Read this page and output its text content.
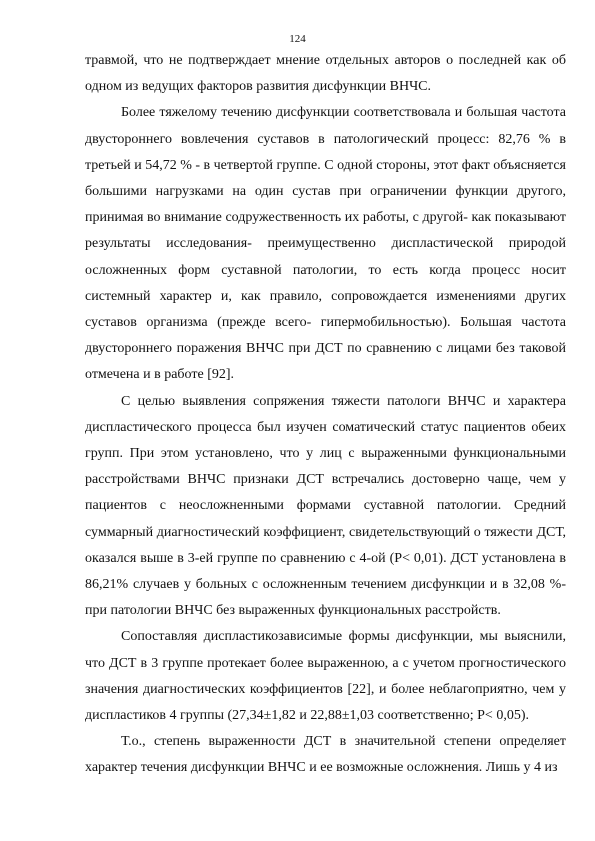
124

травмой, что не подтверждает мнение отдельных авторов о последней как об одном из ведущих факторов развития дисфункции ВНЧС.

Более тяжелому течению дисфункции соответствовала и большая частота двустороннего вовлечения суставов в патологический процесс: 82,76 % в третьей и 54,72 % - в четвертой группе. С одной стороны, этот факт объясняется большими нагрузками на один сустав при ограничении функции другого, принимая во внимание содружественность их работы, с другой- как показывают результаты исследования- преимущественно диспластической природой осложненных форм суставной патологии, то есть когда процесс носит системный характер и, как правило, сопровождается изменениями других суставов организма (прежде всего- гипермобильностью). Большая частота двустороннего поражения ВНЧС при ДСТ по сравнению с лицами без таковой отмечена и в работе [92].

С целью выявления сопряжения тяжести патологи ВНЧС и характера диспластического процесса был изучен соматический статус пациентов обеих групп. При этом установлено, что у лиц с выраженными функциональными расстройствами ВНЧС признаки ДСТ встречались достоверно чаще, чем у пациентов с неосложненными формами суставной патологии. Средний суммарный диагностический коэффициент, свидетельствующий о тяжести ДСТ, оказался выше в 3-ей группе по сравнению с 4-ой (P< 0,01). ДСТ установлена в 86,21% случаев у больных с осложненным течением дисфункции и в 32,08 %- при патологии ВНЧС без выраженных функциональных расстройств.

Сопоставляя диспластикозависимые формы дисфункции, мы выяснили, что ДСТ в 3 группе протекает более выраженною, а с учетом прогностического значения диагностических коэффициентов [22], и более неблагоприятно, чем у диспластиков 4 группы (27,34±1,82 и 22,88±1,03 соответственно; P< 0,05).

Т.о., степень выраженности ДСТ в значительной степени определяет характер течения дисфункции ВНЧС и ее возможные осложнения. Лишь у 4 из
